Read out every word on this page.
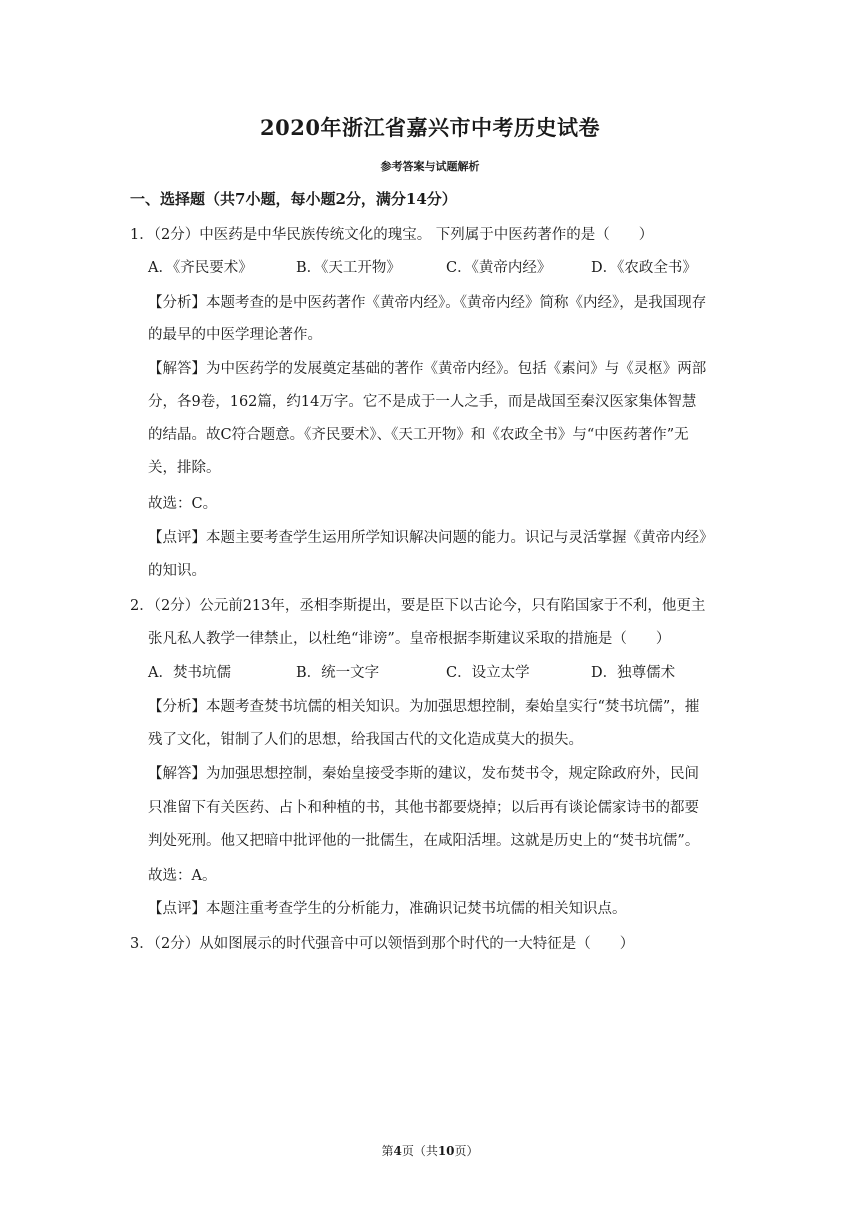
2020年浙江省嘉兴市中考历史试卷
参考答案与试题解析
一、选择题（共7小题，每小题2分，满分14分）
1．（2分）中医药是中华民族传统文化的瑰宝。 下列属于中医药著作的是（　　）
A．《齐民要术》	B．《天工开物》	C．《黄帝内经》	D．《农政全书》
【分析】本题考查的是中医药著作《黄帝内经》。《黄帝内经》简称《内经》，是我国现存
的最早的中医学理论著作。
【解答】为中医药学的发展奠定基础的著作《黄帝内经》。包括《素问》与《灵枢》两部
分，各9卷，162篇，约14万字。它不是成于一人之手，而是战国至秦汉医家集体智慧
的结晶。故C符合题意。《齐民要术》、《天工开物》和《农政全书》与“中医药著作”无
关，排除。
故选：C。
【点评】本题主要考查学生运用所学知识解决问题的能力。识记与灵活掌握《黄帝内经》
的知识。
2．（2分）公元前213年，丞相李斯提出，要是臣下以古论今，只有陷国家于不利，他更主
张凡私人教学一律禁止，以杜绝“诽谤”。皇帝根据李斯建议采取的措施是（　　）
A．焚书坑儒	B．统一文字	C．设立太学	D．独尊儒术
【分析】本题考查焚书坑儒的相关知识。为加强思想控制，秦始皇实行“焚书坑儒”，摧
残了文化，钳制了人们的思想，给我国古代的文化造成莫大的损失。
【解答】为加强思想控制，秦始皇接受李斯的建议，发布焚书令，规定除政府外，民间
只准留下有关医药、占卜和种植的书，其他书都要烧掉；以后再有谈论儒家诗书的都要
判处死刑。他又把暗中批评他的一批儒生，在咸阳活埋。这就是历史上的“焚书坑儒”。
故选：A。
【点评】本题注重考查学生的分析能力，准确识记焚书坑儒的相关知识点。
3．（2分）从如图展示的时代强音中可以领悟到那个时代的一大特征是（　　）
第4页（共10页）
